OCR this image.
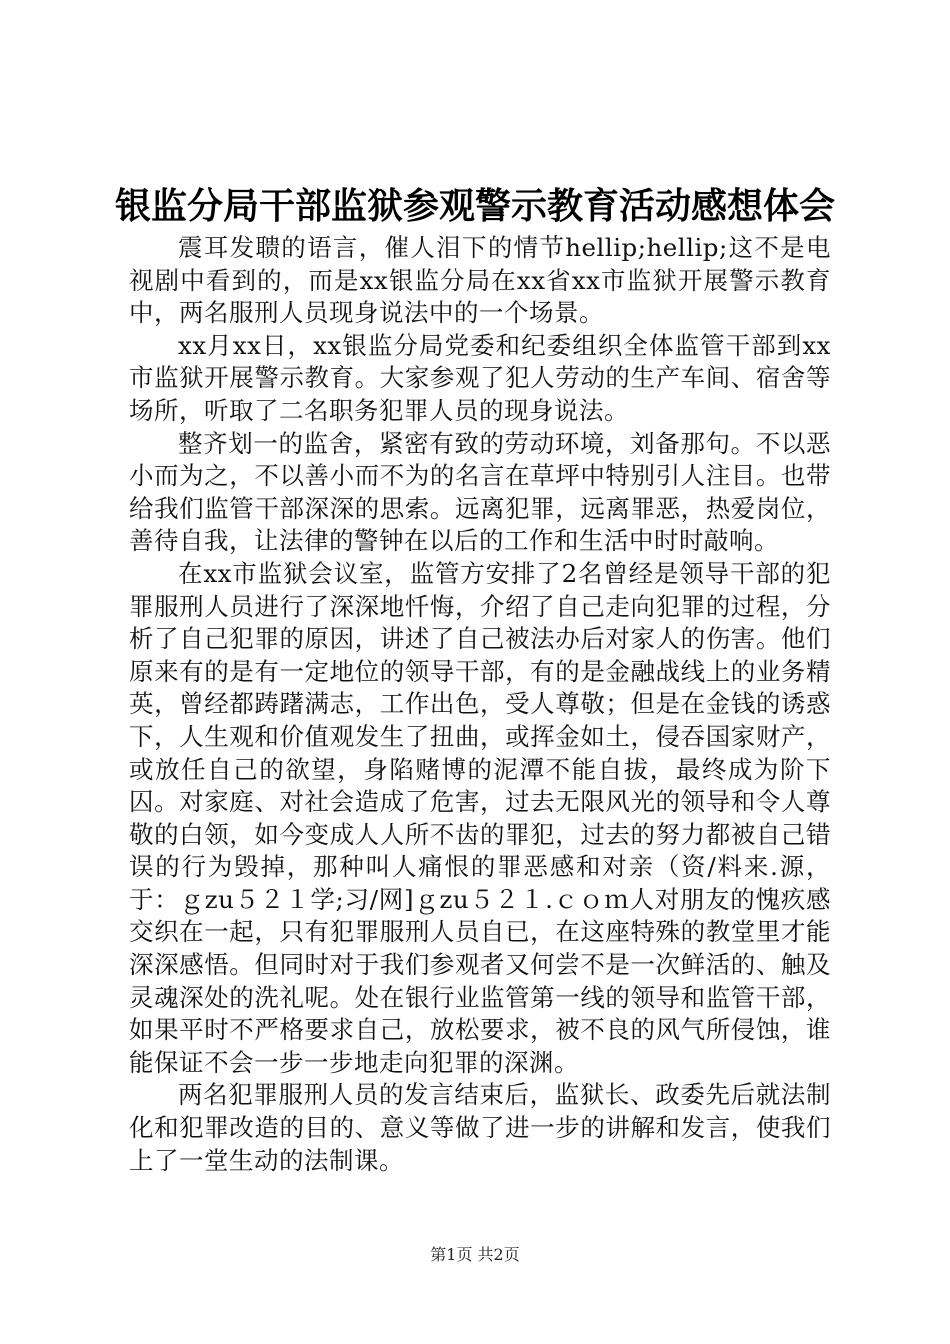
银监分局干部监狱参观警示教育活动感想体会

震耳发聩的语言，催人泪下的情节hellip;hellip;这不是电视剧中看到的，而是xx银监分局在xx省xx市监狱开展警示教育中，两名服刑人员现身说法中的一个场景。

xx月xx日，xx银监分局党委和纪委组织全体监管干部到xx市监狱开展警示教育。大家参观了犯人劳动的生产车间、宿舍等场所，听取了二名职务犯罪人员的现身说法。

整齐划一的监舍，紧密有致的劳动环境，刘备那句。不以恶小而为之，不以善小而不为的名言在草坪中特别引人注目。也带给我们监管干部深深的思索。远离犯罪，远离罪恶，热爱岗位，善待自我，让法律的警钟在以后的工作和生活中时时敲响。

在xx市监狱会议室，监管方安排了2名曾经是领导干部的犯罪服刑人员进行了深深地忏悔，介绍了自己走向犯罪的过程，分析了自己犯罪的原因，讲述了自己被法办后对家人的伤害。他们原来有的是有一定地位的领导干部，有的是金融战线上的业务精英，曾经都踌躇满志，工作出色，受人尊敬；但是在金钱的诱惑下，人生观和价值观发生了扭曲，或挥金如土，侵吞国家财产，或放任自己的欲望，身陷赌博的泥潭不能自拔，最终成为阶下囚。对家庭、对社会造成了危害，过去无限风光的领导和令人尊敬的白领，如今变成人人所不齿的罪犯，过去的努力都被自己错误的行为毁掉，那种叫人痛恨的罪恶感和对亲（资/料来.源，于：ｇzu５２１学;习/网]ｇzu５２１.ｃｏｍ人对朋友的愧疚感交织在一起，只有犯罪服刑人员自已，在这座特殊的教堂里才能深深感悟。但同时对于我们参观者又何尝不是一次鲜活的、触及灵魂深处的洗礼呢。处在银行业监管第一线的领导和监管干部，如果平时不严格要求自己，放松要求，被不良的风气所侵蚀，谁能保证不会一步一步地走向犯罪的深渊。

两名犯罪服刑人员的发言结束后，监狱长、政委先后就法制化和犯罪改造的目的、意义等做了进一步的讲解和发言，使我们上了一堂生动的法制课。

第1页 共2页
